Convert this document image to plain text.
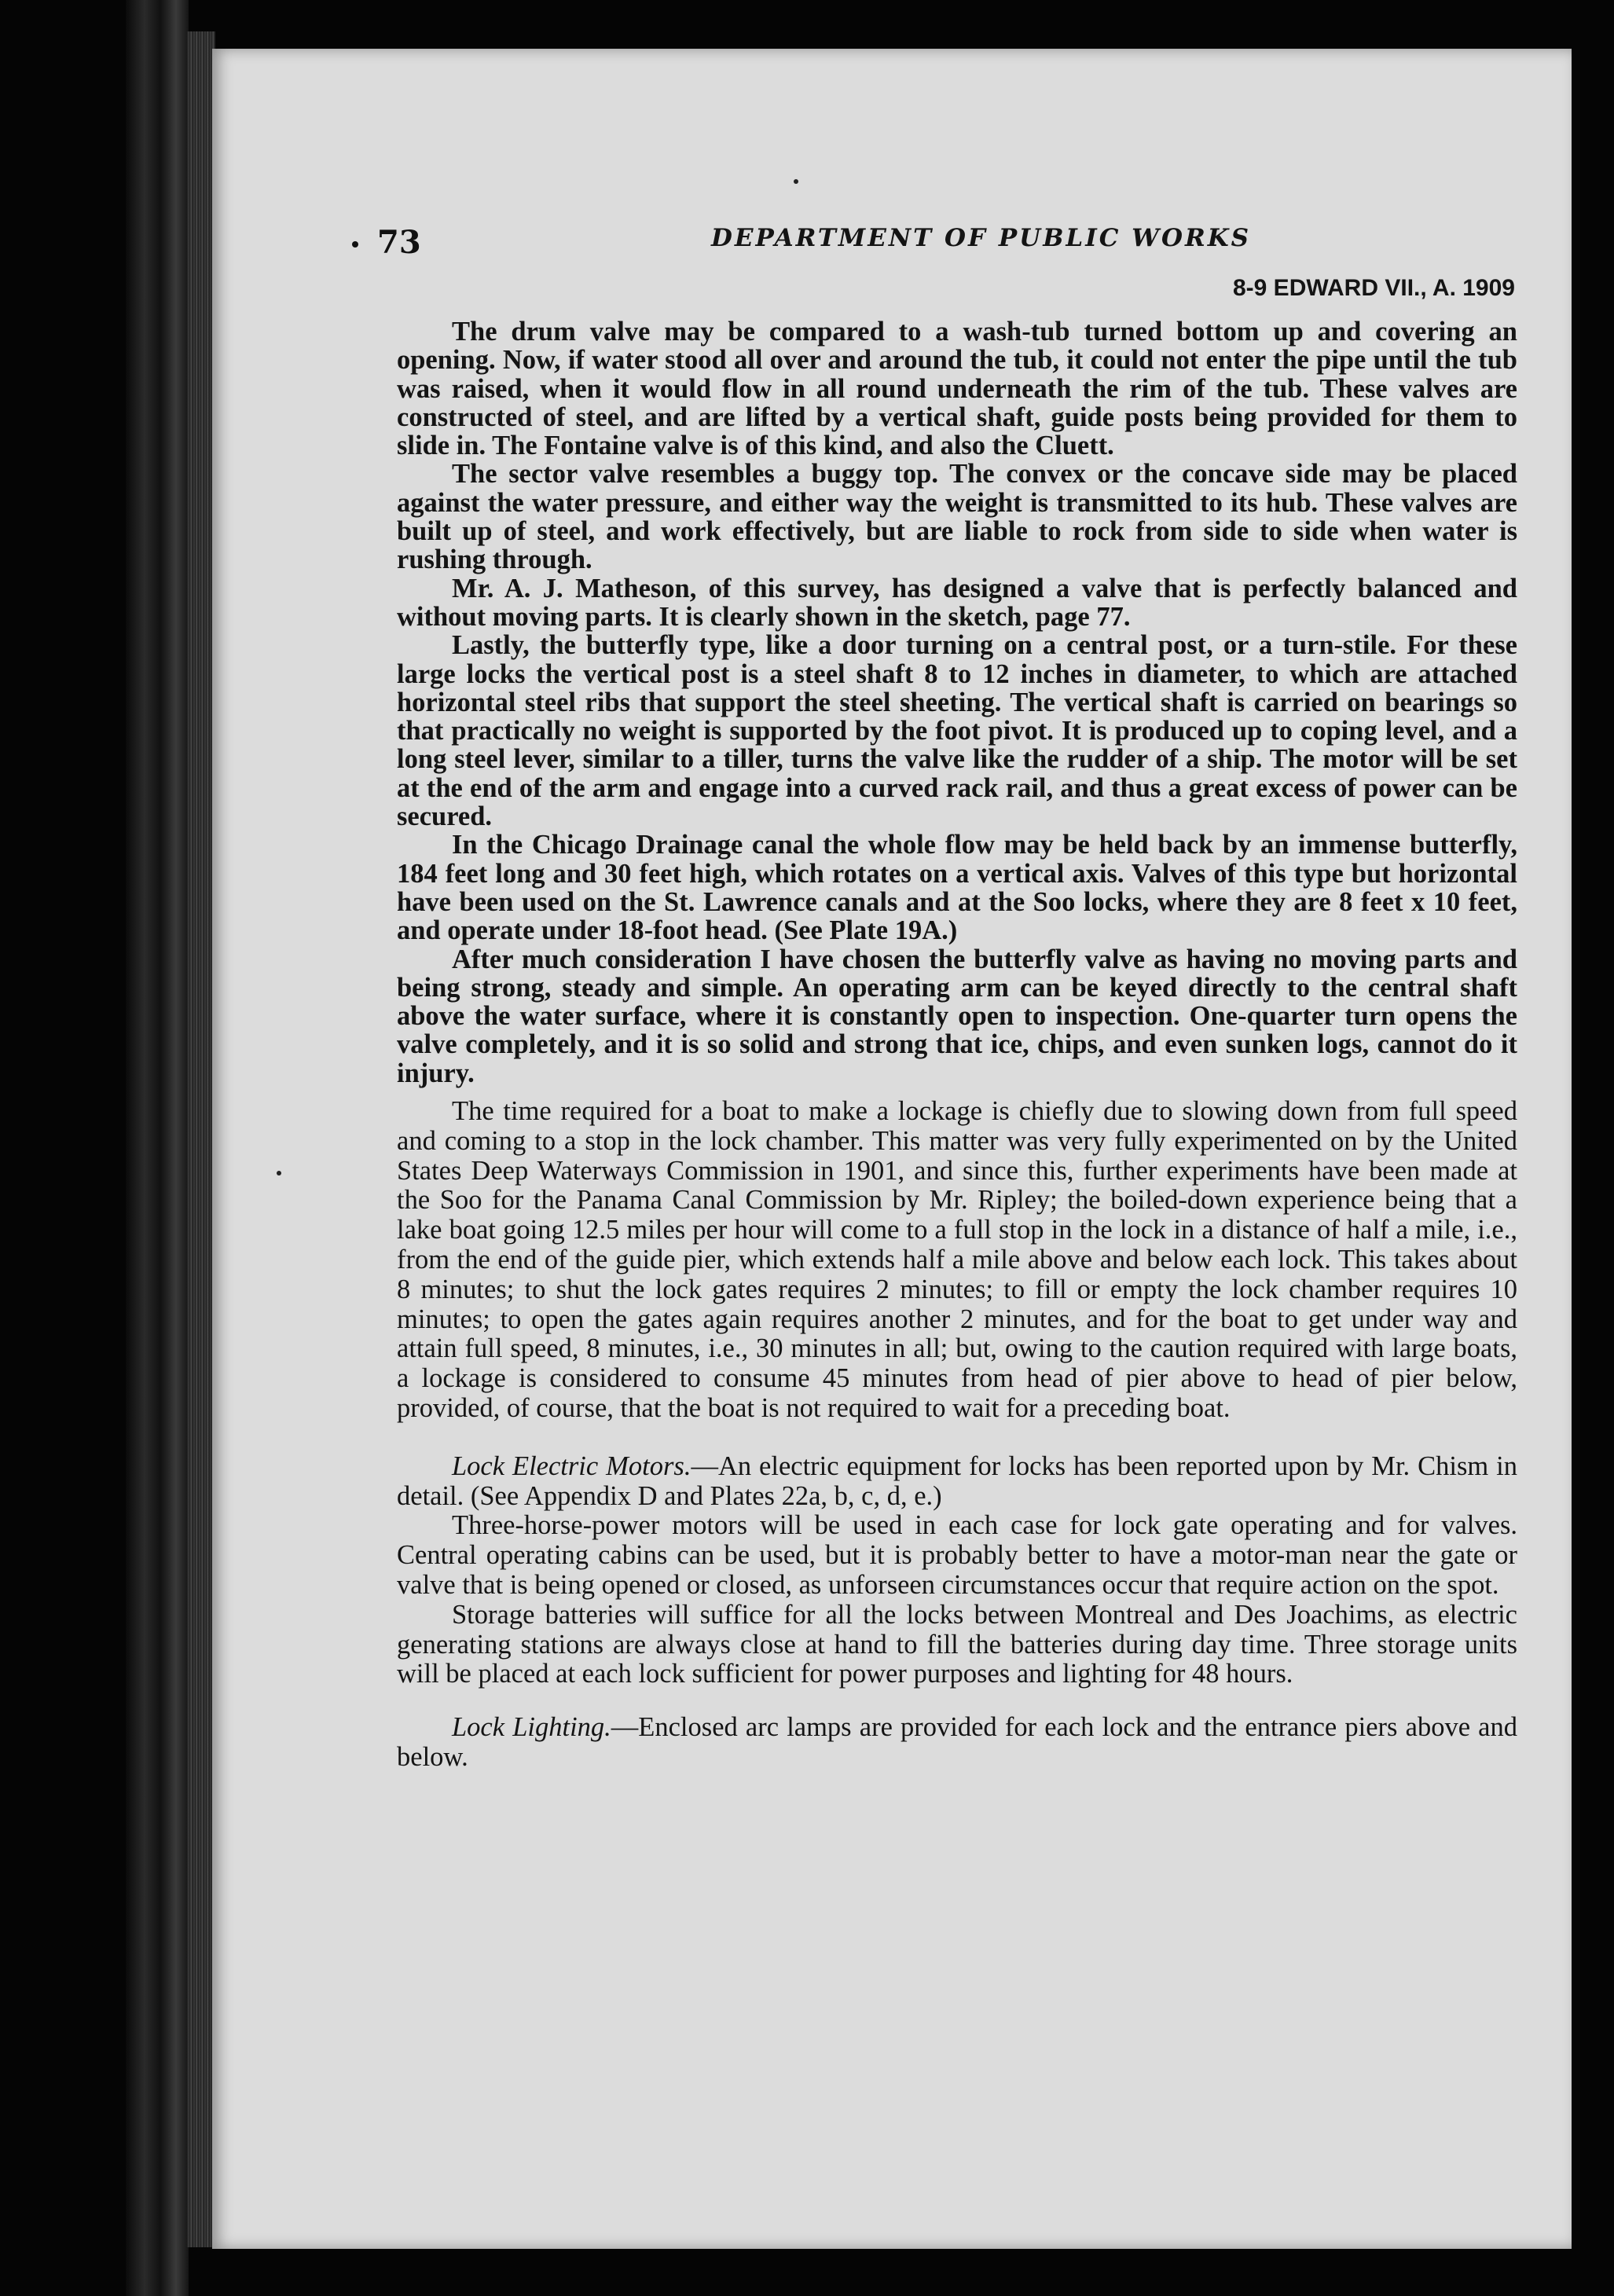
73	DEPARTMENT OF PUBLIC WORKS
8-9 EDWARD VII., A. 1909

The drum valve may be compared to a wash-tub turned bottom up and covering an opening. Now, if water stood all over and around the tub, it could not enter the pipe until the tub was raised, when it would flow in all round underneath the rim of the tub. These valves are constructed of steel, and are lifted by a vertical shaft, guide posts being provided for them to slide in. The Fontaine valve is of this kind, and also the Cluett.

The sector valve resembles a buggy top. The convex or the concave side may be placed against the water pressure, and either way the weight is transmitted to its hub. These valves are built up of steel, and work effectively, but are liable to rock from side to side when water is rushing through.

Mr. A. J. Matheson, of this survey, has designed a valve that is perfectly balanced and without moving parts. It is clearly shown in the sketch, page 77.

Lastly, the butterfly type, like a door turning on a central post, or a turn-stile. For these large locks the vertical post is a steel shaft 8 to 12 inches in diameter, to which are attached horizontal steel ribs that support the steel sheeting. The vertical shaft is carried on bearings so that practically no weight is supported by the foot pivot. It is produced up to coping level, and a long steel lever, similar to a tiller, turns the valve like the rudder of a ship. The motor will be set at the end of the arm and engage into a curved rack rail, and thus a great excess of power can be secured.

In the Chicago Drainage canal the whole flow may be held back by an immense butterfly, 184 feet long and 30 feet high, which rotates on a vertical axis. Valves of this type but horizontal have been used on the St. Lawrence canals and at the Soo locks, where they are 8 feet x 10 feet, and operate under 18-foot head. (See Plate 19A.)

After much consideration I have chosen the butterfly valve as having no moving parts and being strong, steady and simple. An operating arm can be keyed directly to the central shaft above the water surface, where it is constantly open to inspection. One-quarter turn opens the valve completely, and it is so solid and strong that ice, chips, and even sunken logs, cannot do it injury.

The time required for a boat to make a lockage is chiefly due to slowing down from full speed and coming to a stop in the lock chamber. This matter was very fully experimented on by the United States Deep Waterways Commission in 1901, and since this, further experiments have been made at the Soo for the Panama Canal Commission by Mr. Ripley; the boiled-down experience being that a lake boat going 12.5 miles per hour will come to a full stop in the lock in a distance of half a mile, i.e., from the end of the guide pier, which extends half a mile above and below each lock. This takes about 8 minutes; to shut the lock gates requires 2 minutes; to fill or empty the lock chamber requires 10 minutes; to open the gates again requires another 2 minutes, and for the boat to get under way and attain full speed, 8 minutes, i.e., 30 minutes in all; but, owing to the caution required with large boats, a lockage is considered to consume 45 minutes from head of pier above to head of pier below, provided, of course, that the boat is not required to wait for a preceding boat.

Lock Electric Motors.—An electric equipment for locks has been reported upon by Mr. Chism in detail. (See Appendix D and Plates 22a, b, c, d, e.)

Three-horse-power motors will be used in each case for lock gate operating and for valves. Central operating cabins can be used, but it is probably better to have a motor-man near the gate or valve that is being opened or closed, as unforseen circumstances occur that require action on the spot.

Storage batteries will suffice for all the locks between Montreal and Des Joachims, as electric generating stations are always close at hand to fill the batteries during day time. Three storage units will be placed at each lock sufficient for power purposes and lighting for 48 hours.

Lock Lighting.—Enclosed arc lamps are provided for each lock and the entrance piers above and below.
